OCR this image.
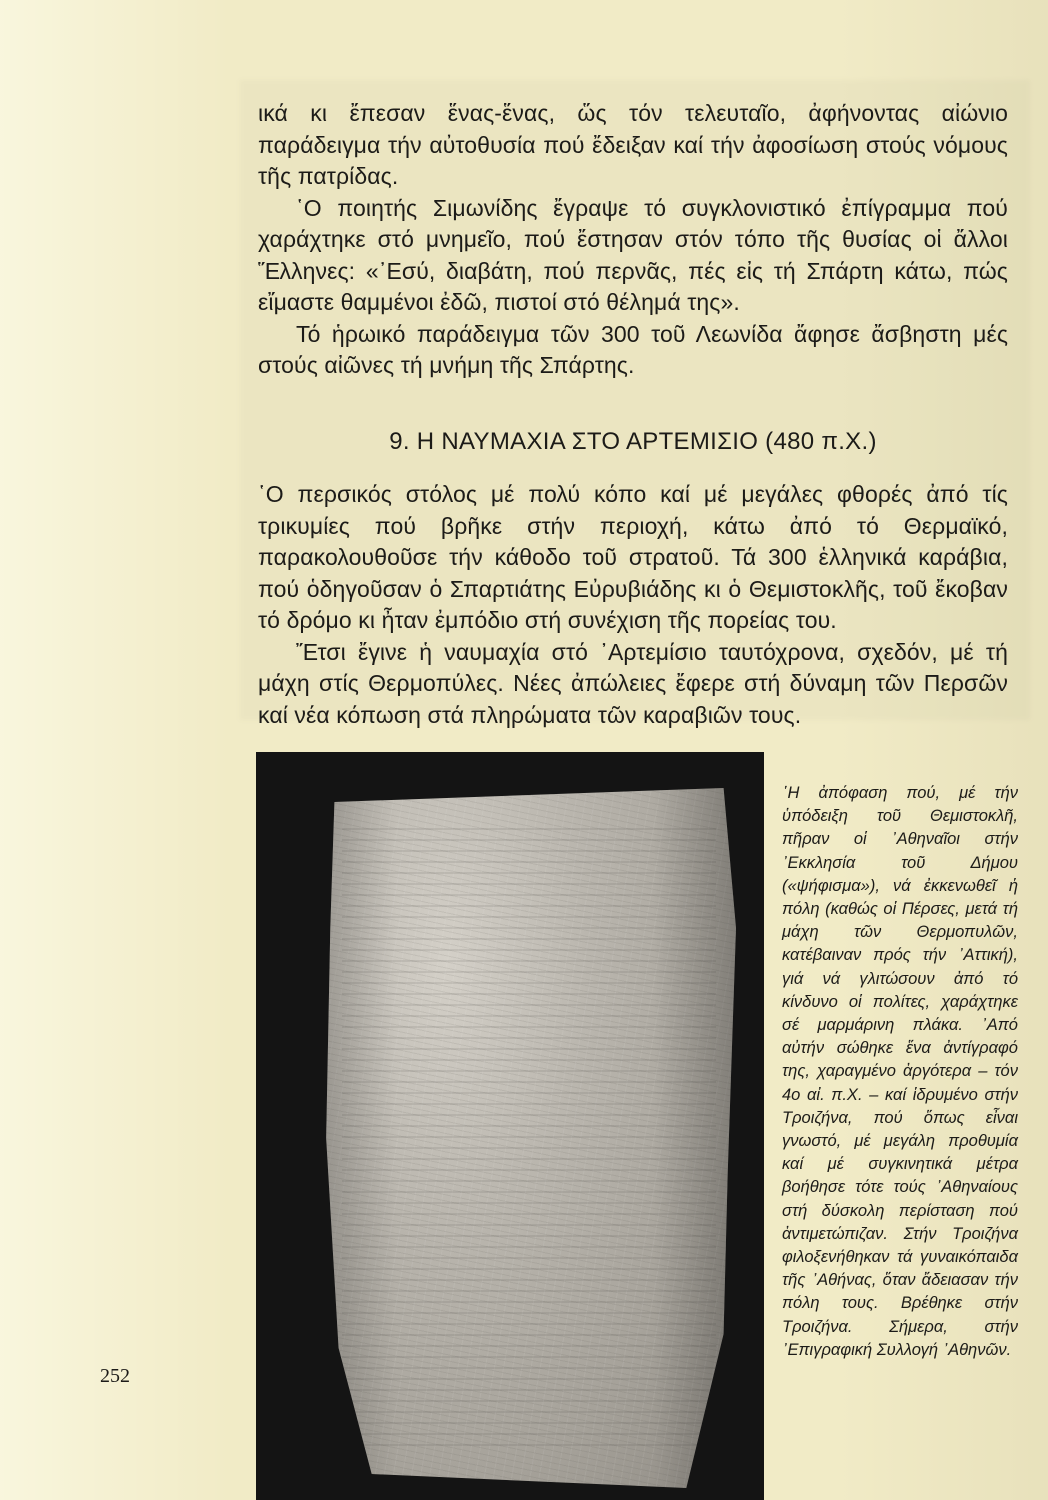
ικά κι ἔπεσαν ἕνας-ἕνας, ὥς τόν τελευταῖο, ἀφήνοντας αἰώνιο παράδειγμα τήν αὐτοθυσία πού ἔδειξαν καί τήν ἀφοσίωση στούς νόμους τῆς πατρίδας.

῾Ο ποιητής Σιμωνίδης ἔγραψε τό συγκλονιστικό ἐπίγραμμα πού χαράχτηκε στό μνημεῖο, πού ἔστησαν στόν τόπο τῆς θυσίας οἱ ἄλλοι Ἕλληνες: «᾿Εσύ, διαβάτη, πού περνᾶς, πές εἰς τή Σπάρτη κάτω, πώς εἴμαστε θαμμένοι ἐδῶ, πιστοί στό θέλημά της».

Τό ἡρωικό παράδειγμα τῶν 300 τοῦ Λεωνίδα ἄφησε ἄσβηστη μές στούς αἰῶνες τή μνήμη τῆς Σπάρτης.

9. Η ΝΑΥΜΑΧΙΑ ΣΤΟ ΑΡΤΕΜΙΣΙΟ (480 π.Χ.)

῾Ο περσικός στόλος μέ πολύ κόπο καί μέ μεγάλες φθορές ἀπό τίς τρικυμίες πού βρῆκε στήν περιοχή, κάτω ἀπό τό Θερμαϊκό, παρακολουθοῦσε τήν κάθοδο τοῦ στρατοῦ. Τά 300 ἑλληνικά καράβια, πού ὁδηγοῦσαν ὁ Σπαρτιάτης Εὐρυβιάδης κι ὁ Θεμιστοκλῆς, τοῦ ἔκοβαν τό δρόμο κι ἦταν ἐμπόδιο στή συνέχιση τῆς πορείας του.

Ἔτσι ἔγινε ἡ ναυμαχία στό ᾿Αρτεμίσιο ταυτόχρονα, σχεδόν, μέ τή μάχη στίς Θερμοπύλες. Νέες ἀπώλειες ἔφερε στή δύναμη τῶν Περσῶν καί νέα κόπωση στά πληρώματα τῶν καραβιῶν τους.

῾Η ἀπόφαση πού, μέ τήν ὑπόδειξη τοῦ Θεμιστοκλῆ, πῆραν οἱ ᾿Αθηναῖοι στήν ᾿Εκκλησία τοῦ Δήμου («ψήφισμα»), νά ἐκκενωθεῖ ἡ πόλη (καθώς οἱ Πέρσες, μετά τή μάχη τῶν Θερμοπυλῶν, κατέβαιναν πρός τήν ᾿Αττική), γιά νά γλιτώσουν ἀπό τό κίνδυνο οἱ πολίτες, χαράχτηκε σέ μαρμάρινη πλάκα. ᾿Από αὐτήν σώθηκε ἕνα ἀντίγραφό της, χαραγμένο ἀργότερα – τόν 4ο αἰ. π.Χ. – καί ἱδρυμένο στήν Τροιζήνα, πού ὅπως εἶναι γνωστό, μέ μεγάλη προθυμία καί μέ συγκινητικά μέτρα βοήθησε τότε τούς ᾿Αθηναίους στή δύσκολη περίσταση πού ἀντιμετώπιζαν. Στήν Τροιζήνα φιλοξενήθηκαν τά γυναικόπαιδα τῆς ᾿Αθήνας, ὅταν ἄδειασαν τήν πόλη τους. Βρέθηκε στήν Τροιζήνα. Σήμερα, στήν ᾿Επιγραφική Συλλογή ᾿Αθηνῶν.
252
